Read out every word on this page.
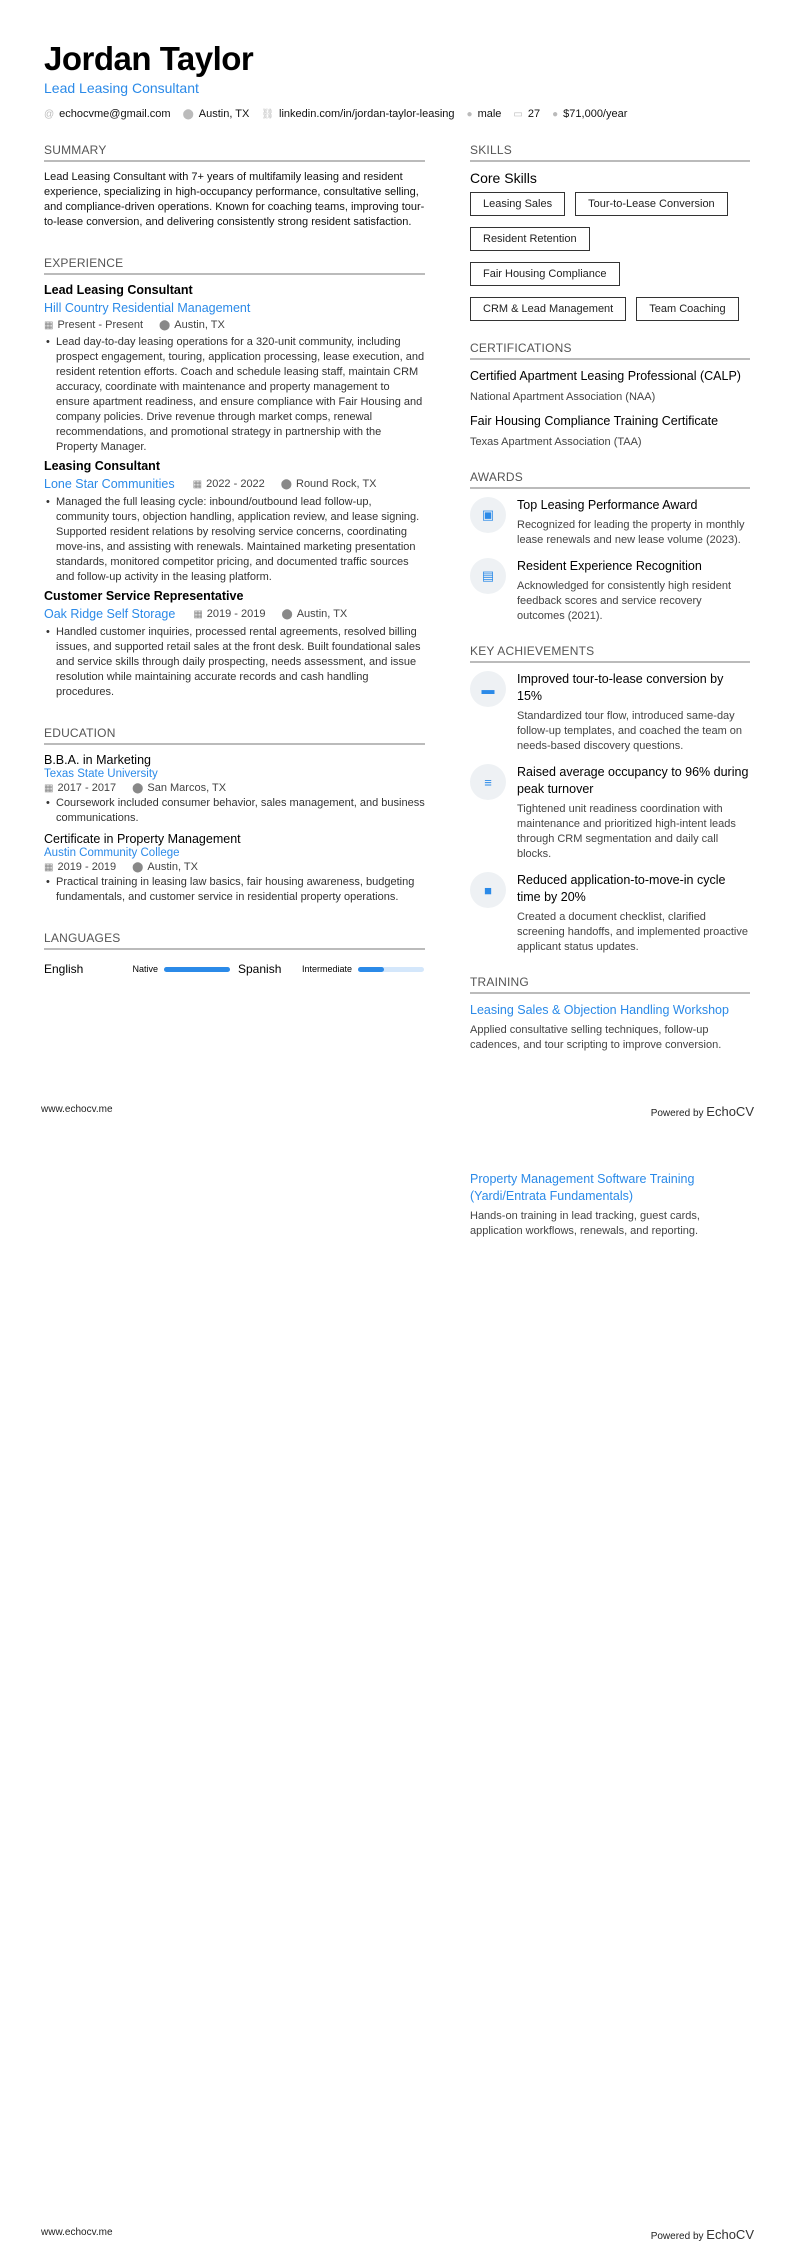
Jordan Taylor
Lead Leasing Consultant
@ echocvme@gmail.com ⬤ Austin, TX ⛓ linkedin.com/in/jordan-taylor-leasing ● male ▭ 27 ● $71,000/year
SUMMARY
Lead Leasing Consultant with 7+ years of multifamily leasing and resident experience, specializing in high-occupancy performance, consultative selling, and compliance-driven operations. Known for coaching teams, improving tour-to-lease conversion, and delivering consistently strong resident satisfaction.
EXPERIENCE
Lead Leasing Consultant
Hill Country Residential Management
▦ Present - Present ⬤ Austin, TX
• Lead day-to-day leasing operations for a 320-unit community, including prospect engagement, touring, application processing, lease execution, and resident retention efforts. Coach and schedule leasing staff, maintain CRM accuracy, coordinate with maintenance and property management to ensure apartment readiness, and ensure compliance with Fair Housing and company policies. Drive revenue through market comps, renewal recommendations, and promotional strategy in partnership with the Property Manager.
Leasing Consultant
Lone Star Communities ▦ 2022 - 2022 ⬤ Round Rock, TX
• Managed the full leasing cycle: inbound/outbound lead follow-up, community tours, objection handling, application review, and lease signing. Supported resident relations by resolving service concerns, coordinating move-ins, and assisting with renewals. Maintained marketing presentation standards, monitored competitor pricing, and documented traffic sources and follow-up activity in the leasing platform.
Customer Service Representative
Oak Ridge Self Storage ▦ 2019 - 2019 ⬤ Austin, TX
• Handled customer inquiries, processed rental agreements, resolved billing issues, and supported retail sales at the front desk. Built foundational sales and service skills through daily prospecting, needs assessment, and issue resolution while maintaining accurate records and cash handling procedures.
EDUCATION
B.B.A. in Marketing
Texas State University
▦ 2017 - 2017 ⬤ San Marcos, TX
• Coursework included consumer behavior, sales management, and business communications.
Certificate in Property Management
Austin Community College
▦ 2019 - 2019 ⬤ Austin, TX
• Practical training in leasing law basics, fair housing awareness, budgeting fundamentals, and customer service in residential property operations.
LANGUAGES
English	Native	Spanish Intermediate
SKILLS
Core Skills
Leasing Sales	Tour-to-Lease Conversion
Resident Retention
Fair Housing Compliance
CRM & Lead Management	Team Coaching
CERTIFICATIONS
Certified Apartment Leasing Professional (CALP)
National Apartment Association (NAA)
Fair Housing Compliance Training Certificate
Texas Apartment Association (TAA)
AWARDS
▣
Top Leasing Performance Award
Recognized for leading the property in monthly lease renewals and new lease volume (2023).
▤
Resident Experience Recognition
Acknowledged for consistently high resident feedback scores and service recovery outcomes (2021).
KEY ACHIEVEMENTS
▬
Improved tour-to-lease conversion by 15%
Standardized tour flow, introduced same-day follow-up templates, and coached the team on needs-based discovery questions.
≡
Raised average occupancy to 96% during peak turnover
Tightened unit readiness coordination with maintenance and prioritized high-intent leads through CRM segmentation and daily call blocks.
■
Reduced application-to-move-in cycle time by 20%
Created a document checklist, clarified screening handoffs, and implemented proactive applicant status updates.
TRAINING
Leasing Sales & Objection Handling Workshop
Applied consultative selling techniques, follow-up cadences, and tour scripting to improve conversion.
www.echocv.me	Powered by EchoCV
Property Management Software Training (Yardi/Entrata Fundamentals)
Hands-on training in lead tracking, guest cards, application workflows, renewals, and reporting.
www.echocv.me	Powered by EchoCV
